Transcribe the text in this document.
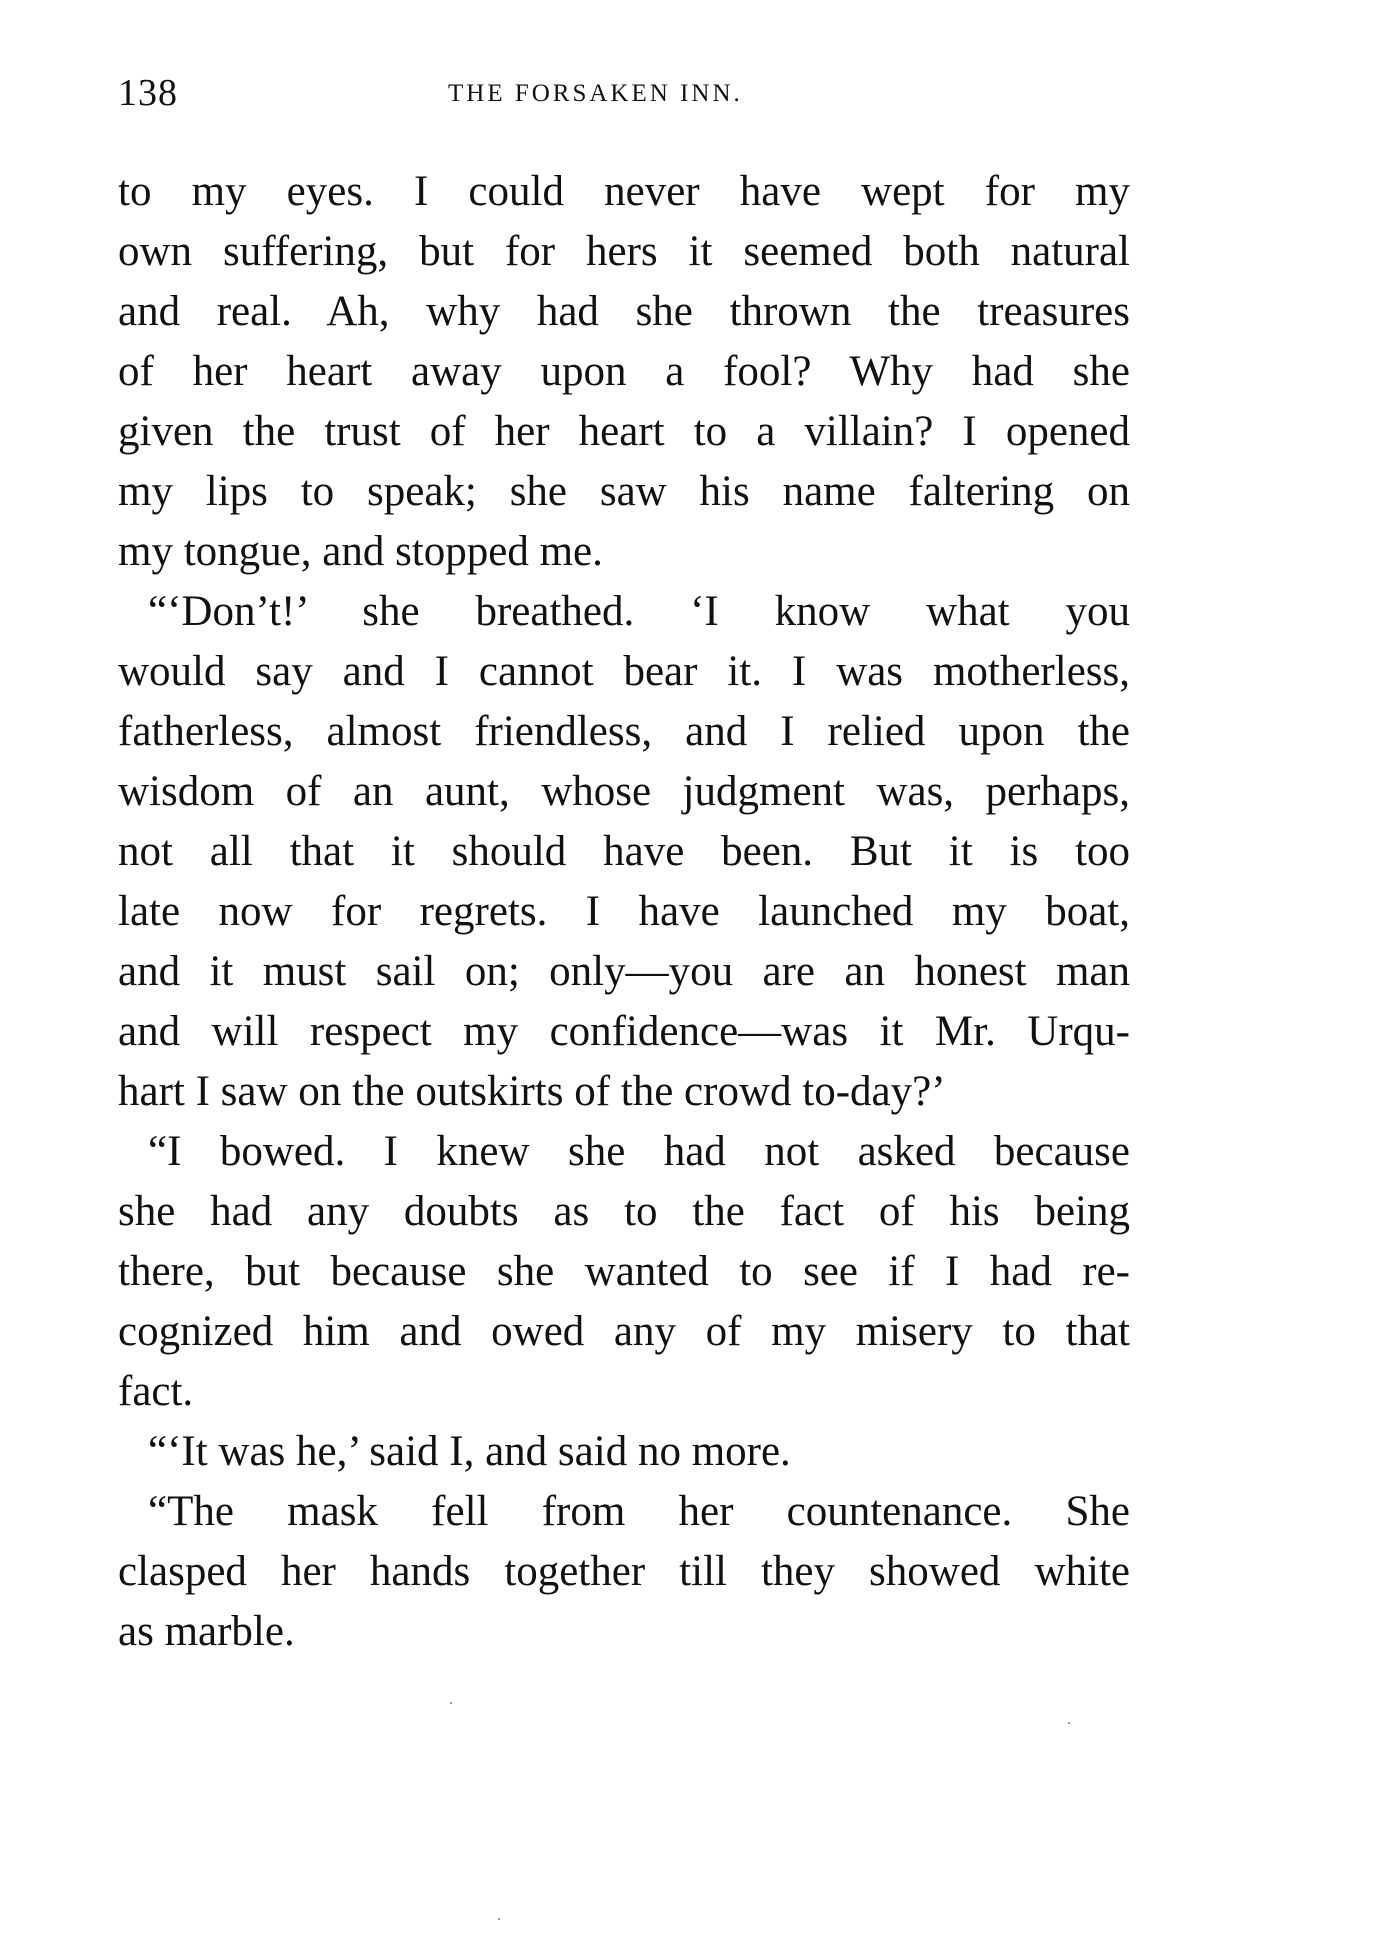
138	THE FORSAKEN INN.
to my eyes. I could never have wept for my
own suffering, but for hers it seemed both natural
and real. Ah, why had she thrown the treasures
of her heart away upon a fool? Why had she
given the trust of her heart to a villain? I opened
my lips to speak; she saw his name faltering on
my tongue, and stopped me.
“‘Don’t!’ she breathed. ‘I know what you
would say and I cannot bear it. I was motherless,
fatherless, almost friendless, and I relied upon the
wisdom of an aunt, whose judgment was, perhaps,
not all that it should have been. But it is too
late now for regrets. I have launched my boat,
and it must sail on; only—you are an honest man
and will respect my confidence—was it Mr. Urqu-
hart I saw on the outskirts of the crowd to-day?’
“I bowed. I knew she had not asked because
she had any doubts as to the fact of his being
there, but because she wanted to see if I had re-
cognized him and owed any of my misery to that
fact.
“‘It was he,’ said I, and said no more.
“The mask fell from her countenance. She
clasped her hands together till they showed white
as marble.
